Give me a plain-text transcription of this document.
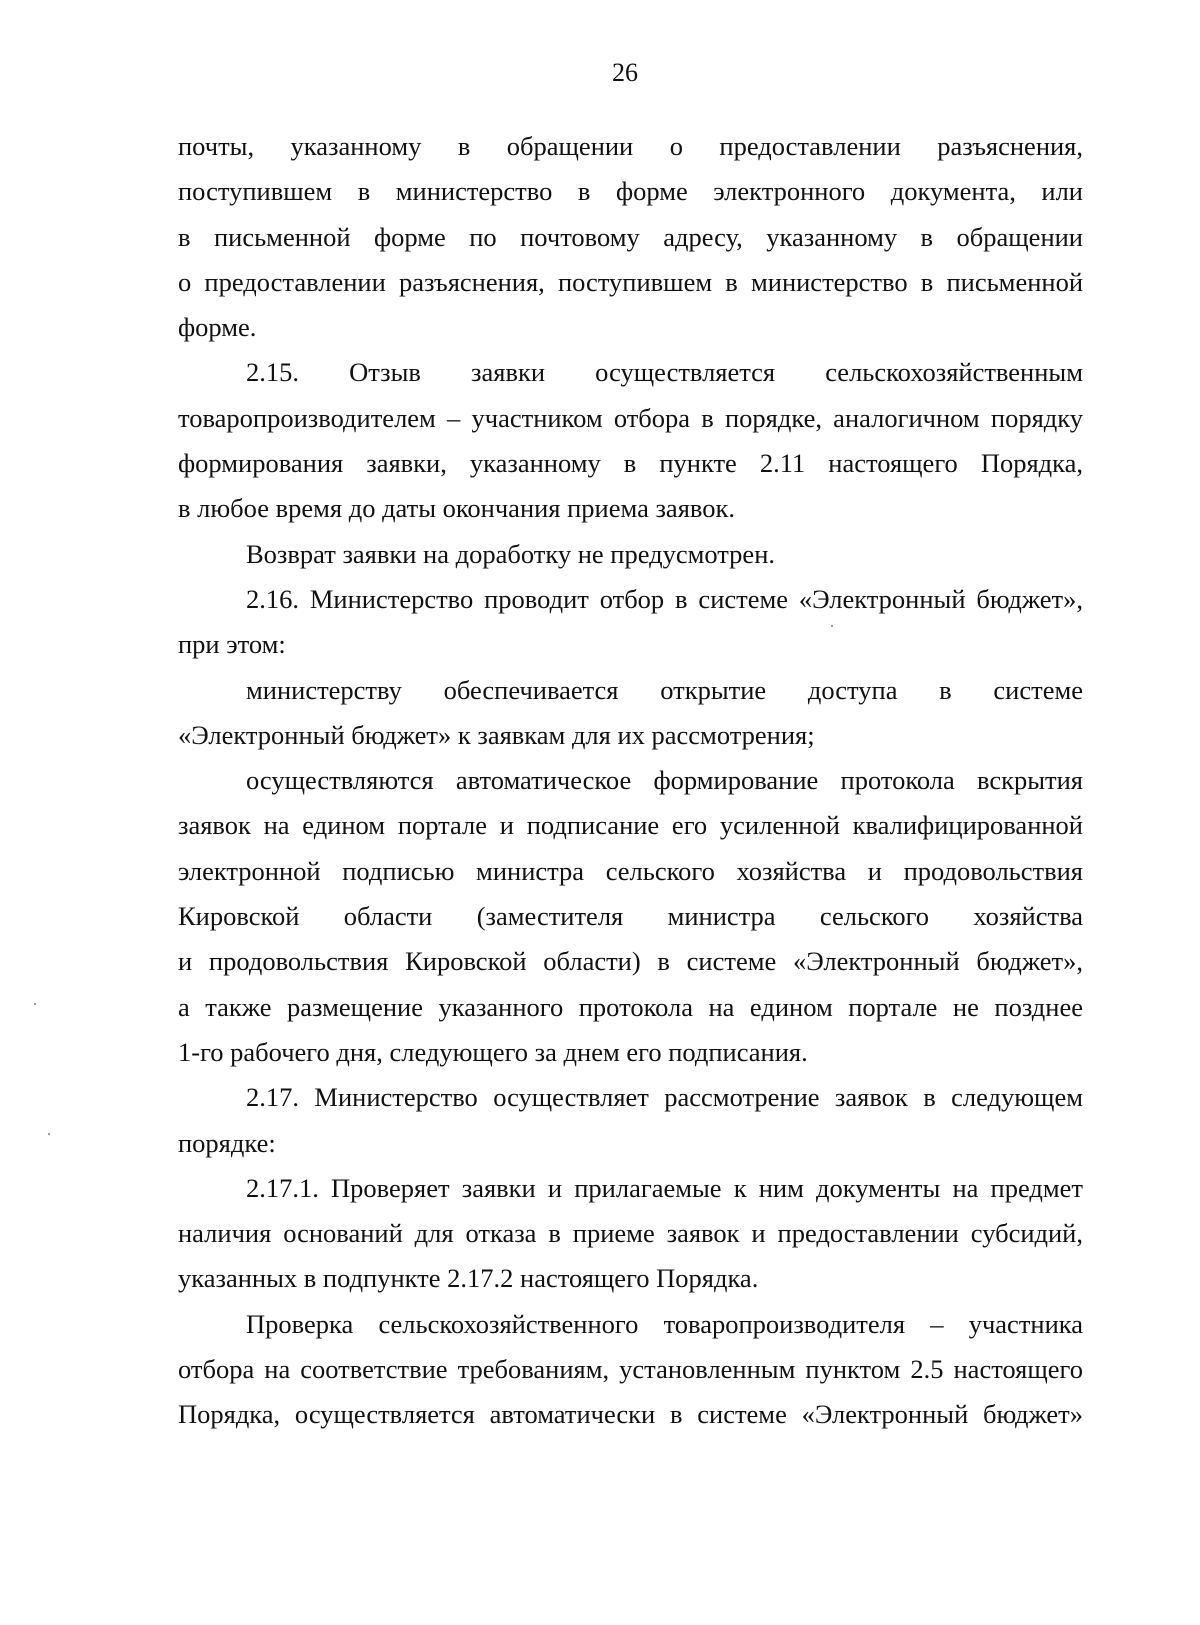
26
почты, указанному в обращении о предоставлении разъяснения,
поступившем в министерство в форме электронного документа, или
в письменной форме по почтовому адресу, указанному в обращении
о предоставлении разъяснения, поступившем в министерство в письменной
форме.
2.15. Отзыв заявки осуществляется сельскохозяйственным
товаропроизводителем – участником отбора в порядке, аналогичном порядку
формирования заявки, указанному в пункте 2.11 настоящего Порядка,
в любое время до даты окончания приема заявок.
Возврат заявки на доработку не предусмотрен.
2.16. Министерство проводит отбор в системе «Электронный бюджет»,
при этом:
министерству обеспечивается открытие доступа в системе
«Электронный бюджет» к заявкам для их рассмотрения;
осуществляются автоматическое формирование протокола вскрытия
заявок на едином портале и подписание его усиленной квалифицированной
электронной подписью министра сельского хозяйства и продовольствия
Кировской области (заместителя министра сельского хозяйства
и продовольствия Кировской области) в системе «Электронный бюджет»,
а также размещение указанного протокола на едином портале не позднее
1-го рабочего дня, следующего за днем его подписания.
2.17. Министерство осуществляет рассмотрение заявок в следующем
порядке:
2.17.1. Проверяет заявки и прилагаемые к ним документы на предмет
наличия оснований для отказа в приеме заявок и предоставлении субсидий,
указанных в подпункте 2.17.2 настоящего Порядка.
Проверка сельскохозяйственного товаропроизводителя – участника
отбора на соответствие требованиям, установленным пунктом 2.5 настоящего
Порядка, осуществляется автоматически в системе «Электронный бюджет»
